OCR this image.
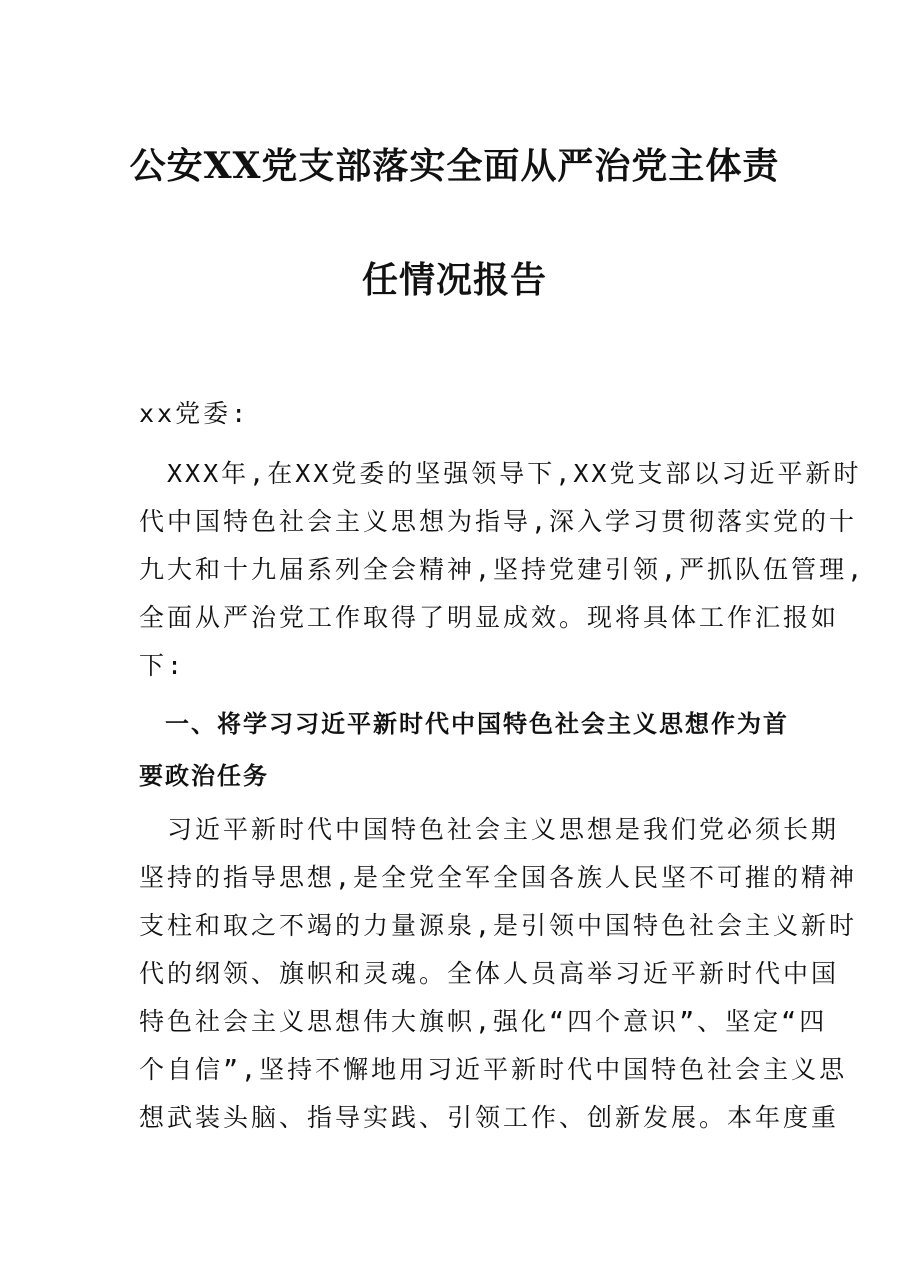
公安XX党支部落实全面从严治党主体责
任情况报告
xx党委:
　XXX年,在XX党委的坚强领导下,XX党支部以习近平新时
代中国特色社会主义思想为指导,深入学习贯彻落实党的十
九大和十九届系列全会精神,坚持党建引领,严抓队伍管理,
全面从严治党工作取得了明显成效。现将具体工作汇报如
下:
　一、将学习习近平新时代中国特色社会主义思想作为首
要政治任务
　习近平新时代中国特色社会主义思想是我们党必须长期
坚持的指导思想,是全党全军全国各族人民坚不可摧的精神
支柱和取之不竭的力量源泉,是引领中国特色社会主义新时
代的纲领、旗帜和灵魂。全体人员高举习近平新时代中国
特色社会主义思想伟大旗帜,强化“四个意识”、坚定“四
个自信”,坚持不懈地用习近平新时代中国特色社会主义思
想武装头脑、指导实践、引领工作、创新发展。本年度重
